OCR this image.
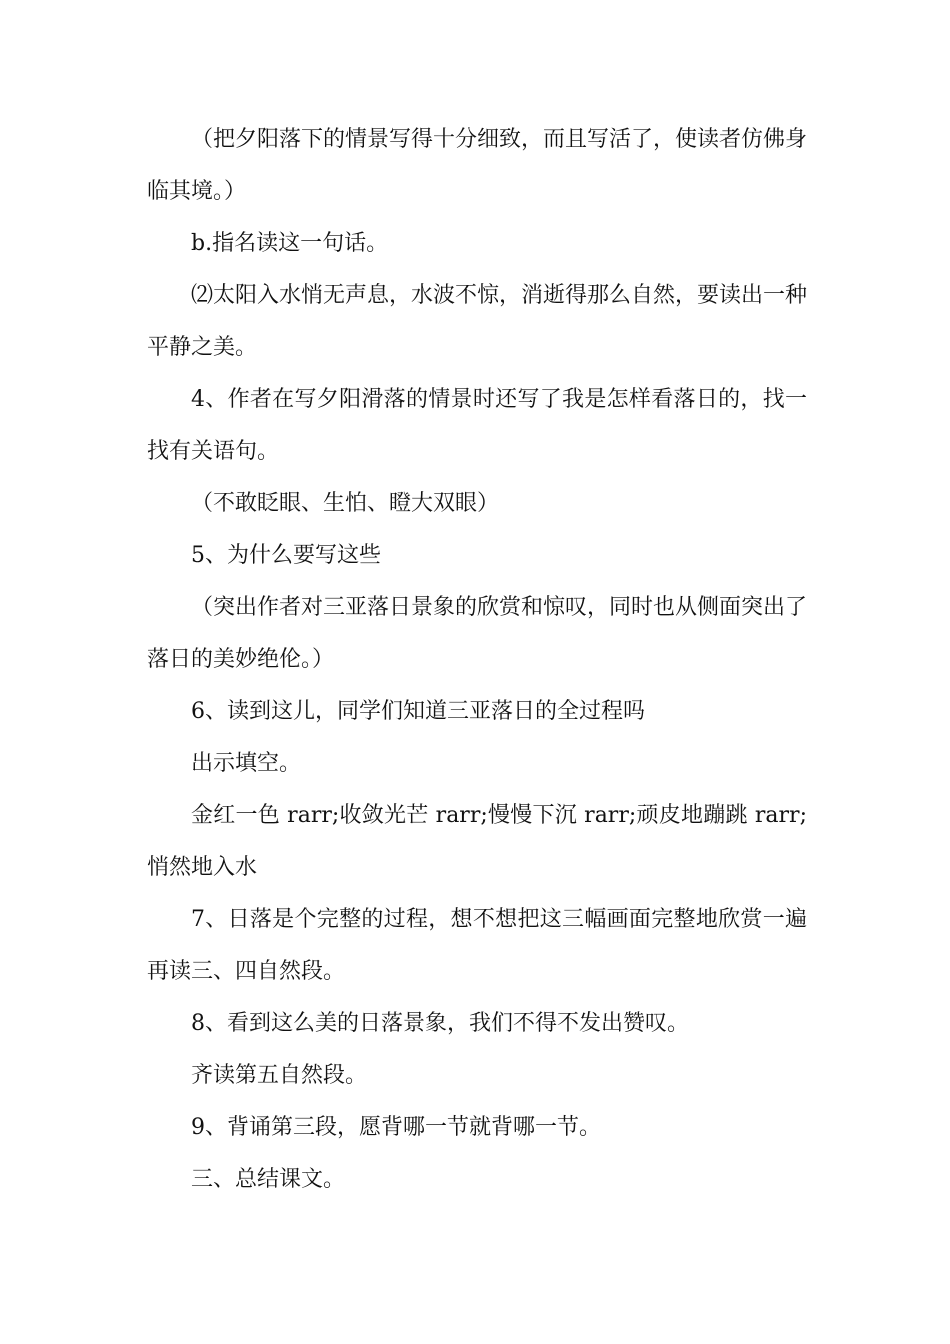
（把夕阳落下的情景写得十分细致，而且写活了，使读者仿佛身临其境。）

b.指名读这一句话。

⑵太阳入水悄无声息，水波不惊，消逝得那么自然，要读出一种平静之美。

4、作者在写夕阳滑落的情景时还写了我是怎样看落日的，找一找有关语句。

（不敢眨眼、生怕、瞪大双眼）

5、为什么要写这些

（突出作者对三亚落日景象的欣赏和惊叹，同时也从侧面突出了落日的美妙绝伦。）

6、读到这儿，同学们知道三亚落日的全过程吗

出示填空。

金红一色 rarr;收敛光芒 rarr;慢慢下沉 rarr;顽皮地蹦跳 rarr;悄然地入水

7、日落是个完整的过程，想不想把这三幅画面完整地欣赏一遍再读三、四自然段。

8、看到这么美的日落景象，我们不得不发出赞叹。

齐读第五自然段。

9、背诵第三段，愿背哪一节就背哪一节。

三、总结课文。
